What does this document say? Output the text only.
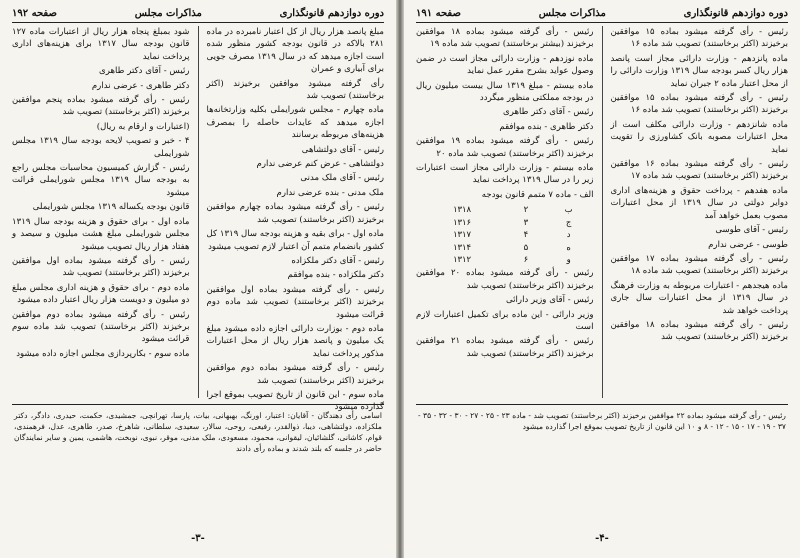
دوره دوازدهم قانونگذاری
مذاکرات مجلس
صفحه ۱۹۲

مبلغ پانصد هزار ریال از کل اعتبار نامبرده در ماده ۲۸۱ بالاکه در قانون بودجه کشور منظور شده است اجازه میدهد که در سال ۱۳۱۹ مصرف جویی برای آبیاری و عمران

رأی گرفته میشود موافقین برخیزند (اکثر برخاستند) تصویب شد

ماده چهارم - مجلس شورایملی بکلیه وزارتخانه‌ها اجازه میدهد که عایدات حاصله را بمصرف هزینه‌های مربوطه برسانند

رئیس - آقای دولتشاهی

دولتشاهی - عرض کنم عرضی ندارم

رئیس - آقای ملک مدنی

ملک مدنی - بنده عرضی ندارم

رئیس - رأی گرفته میشود بماده چهارم موافقین برخیزند (اکثر برخاستند) تصویب شد

ماده اول - برای بقیه و هزینه بودجه سال ۱۳۱۹ کل کشور بانضمام متمم آن اعتبار لازم تصویب میشود

رئیس - آقای دکتر ملکزاده

دکتر ملکزاده - بنده موافقم

رئیس - رأی گرفته میشود بماده اول موافقین برخیزند (اکثر برخاستند) تصویب شد ماده دوم قرائت میشود

ماده دوم - بوزارت دارائی اجازه داده میشود مبلغ یک میلیون و پانصد هزار ریال از محل اعتبارات مذکور پرداخت نماید

رئیس - رأی گرفته میشود بماده دوم موافقین برخیزند (اکثر برخاستند) تصویب شد

ماده سوم - این قانون از تاریخ تصویب بموقع اجرا گذارده میشود

شود بمبلغ پنجاه هزار ریال از اعتبارات ماده ۱۲۷ قانون بودجه سال ۱۳۱۷ برای هزینه‌های اداری پرداخت نماید

رئیس - آقای دکتر طاهری

دکتر طاهری - عرضی ندارم

رئیس - رأی گرفته میشود بماده پنجم موافقین برخیزند (اکثر برخاستند) تصویب شد

(اعتبارات و ارقام به ریال)

۴ - خبر و تصویب لایحه بودجه سال ۱۳۱۹ مجلس شورایملی

رئیس - گزارش کمیسیون محاسبات مجلس راجع به بودجه سال ۱۳۱۹ مجلس شورایملی قرائت میشود

قانون بودجه یکساله ۱۳۱۹ مجلس شورایملی

ماده اول - برای حقوق و هزینه بودجه سال ۱۳۱۹ مجلس شورایملی مبلغ هشت میلیون و سیصد و هفتاد هزار ریال تصویب میشود

رئیس - رأی گرفته میشود بماده اول موافقین برخیزند (اکثر برخاستند) تصویب شد

ماده دوم - برای حقوق و هزینه اداری مجلس مبلغ دو میلیون و دویست هزار ریال اعتبار داده میشود

رئیس - رأی گرفته میشود بماده دوم موافقین برخیزند (اکثر برخاستند) تصویب شد ماده سوم قرائت میشود

ماده سوم - بکارپردازی مجلس اجازه داده میشود

اسامی رأی دهندگان - آقایان: اعتبار، اورنگ، بهبهانی، بیات، پارسا، تهرانچی، جمشیدی، حکمت، حیدری، دادگر، دکتر ملکزاده، دولتشاهی، دیبا، ذوالقدر، رفیعی، روحی، سالار، سعیدی، سلطانی، شاهرخ، صدر، طاهری، عدل، فرهمندی، قوام، کاشانی، گلشائیان، لیقوانی، محمود، مسعودی، ملک مدنی، موقر، نبوی، نوبخت، هاشمی، یمین و سایر نمایندگان حاضر در جلسه که بلند شدند و بماده رأی دادند
-۳-
دوره دوازدهم قانونگذاری
مذاکرات مجلس
صفحه ۱۹۱

رئیس - رأی گرفته میشود بماده ۱۵ موافقین برخیزند (اکثر برخاستند) تصویب شد ماده ۱۶

ماده پانزدهم - وزارت دارائی مجاز است پانصد هزار ریال کسر بودجه سال ۱۳۱۹ وزارت دارائی را از محل اعتبار ماده ۲ جبران نماید

رئیس - رأی گرفته میشود بماده ۱۵ موافقین برخیزند (اکثر برخاستند) تصویب شد ماده ۱۶

ماده شانزدهم - وزارت دارائی مکلف است از محل اعتبارات مصوبه بانک کشاورزی را تقویت نماید

رئیس - رأی گرفته میشود بماده ۱۶ موافقین برخیزند (اکثر برخاستند) تصویب شد ماده ۱۷

ماده هفدهم - پرداخت حقوق و هزینه‌های اداری دوایر دولتی در سال ۱۳۱۹ از محل اعتبارات مصوب بعمل خواهد آمد

رئیس - آقای طوسی

طوسی - عرضی ندارم

رئیس - رأی گرفته میشود بماده ۱۷ موافقین برخیزند (اکثر برخاستند) تصویب شد ماده ۱۸

ماده هیجدهم - اعتبارات مربوطه به وزارت فرهنگ در سال ۱۳۱۹ از محل اعتبارات سال جاری پرداخت خواهد شد

رئیس - رأی گرفته میشود بماده ۱۸ موافقین برخیزند (اکثر برخاستند) تصویب شد

رئیس - رأی گرفته میشود بماده ۱۸ موافقین برخیزند (بیشتر برخاستند) تصویب شد ماده ۱۹

ماده نوزدهم - وزارت دارائی مجاز است در ضمن وصول عواید بشرح مقرر عمل نماید

ماده بیستم - مبلغ ۱۳۱۹ سال بیست میلیون ریال در بودجه مملکتی منظور میگردد

رئیس - آقای دکتر طاهری

دکتر طاهری - بنده موافقم

رئیس - رأی گرفته میشود بماده ۱۹ موافقین برخیزند (اکثر برخاستند) تصویب شد ماده ۲۰

ماده بیستم - وزارت دارائی مجاز است اعتبارات زیر را در سال ۱۳۱۹ پرداخت نماید

الف - ماده ۷ متمم قانون بودجه

ب	۲	۱۳۱۸
ج	۳	۱۳۱۶
د	۴	۱۳۱۷
ه	۵	۱۳۱۴
و	۶	۱۳۱۲

رئیس - رأی گرفته میشود بماده ۲۰ موافقین برخیزند (اکثر برخاستند) تصویب شد

رئیس - آقای وزیر دارائی

وزیر دارائی - این ماده برای تکمیل اعتبارات لازم است

رئیس - رأی گرفته میشود بماده ۲۱ موافقین برخیزند (اکثر برخاستند) تصویب شد

رئیس - رأی گرفته میشود بماده ۲۲ موافقین برخیزند (اکثر برخاستند) تصویب شد - ماده ۲۳ - ۲۵ - ۲۷ - ۳۰ - ۳۲ - ۳۵ - ۳۷ - ۱۹ - ۱۷ - ۱۵ - ۱۲ - ۸ و ۱۰ این قانون از تاریخ تصویب بموقع اجرا گذارده میشود
-۴-
